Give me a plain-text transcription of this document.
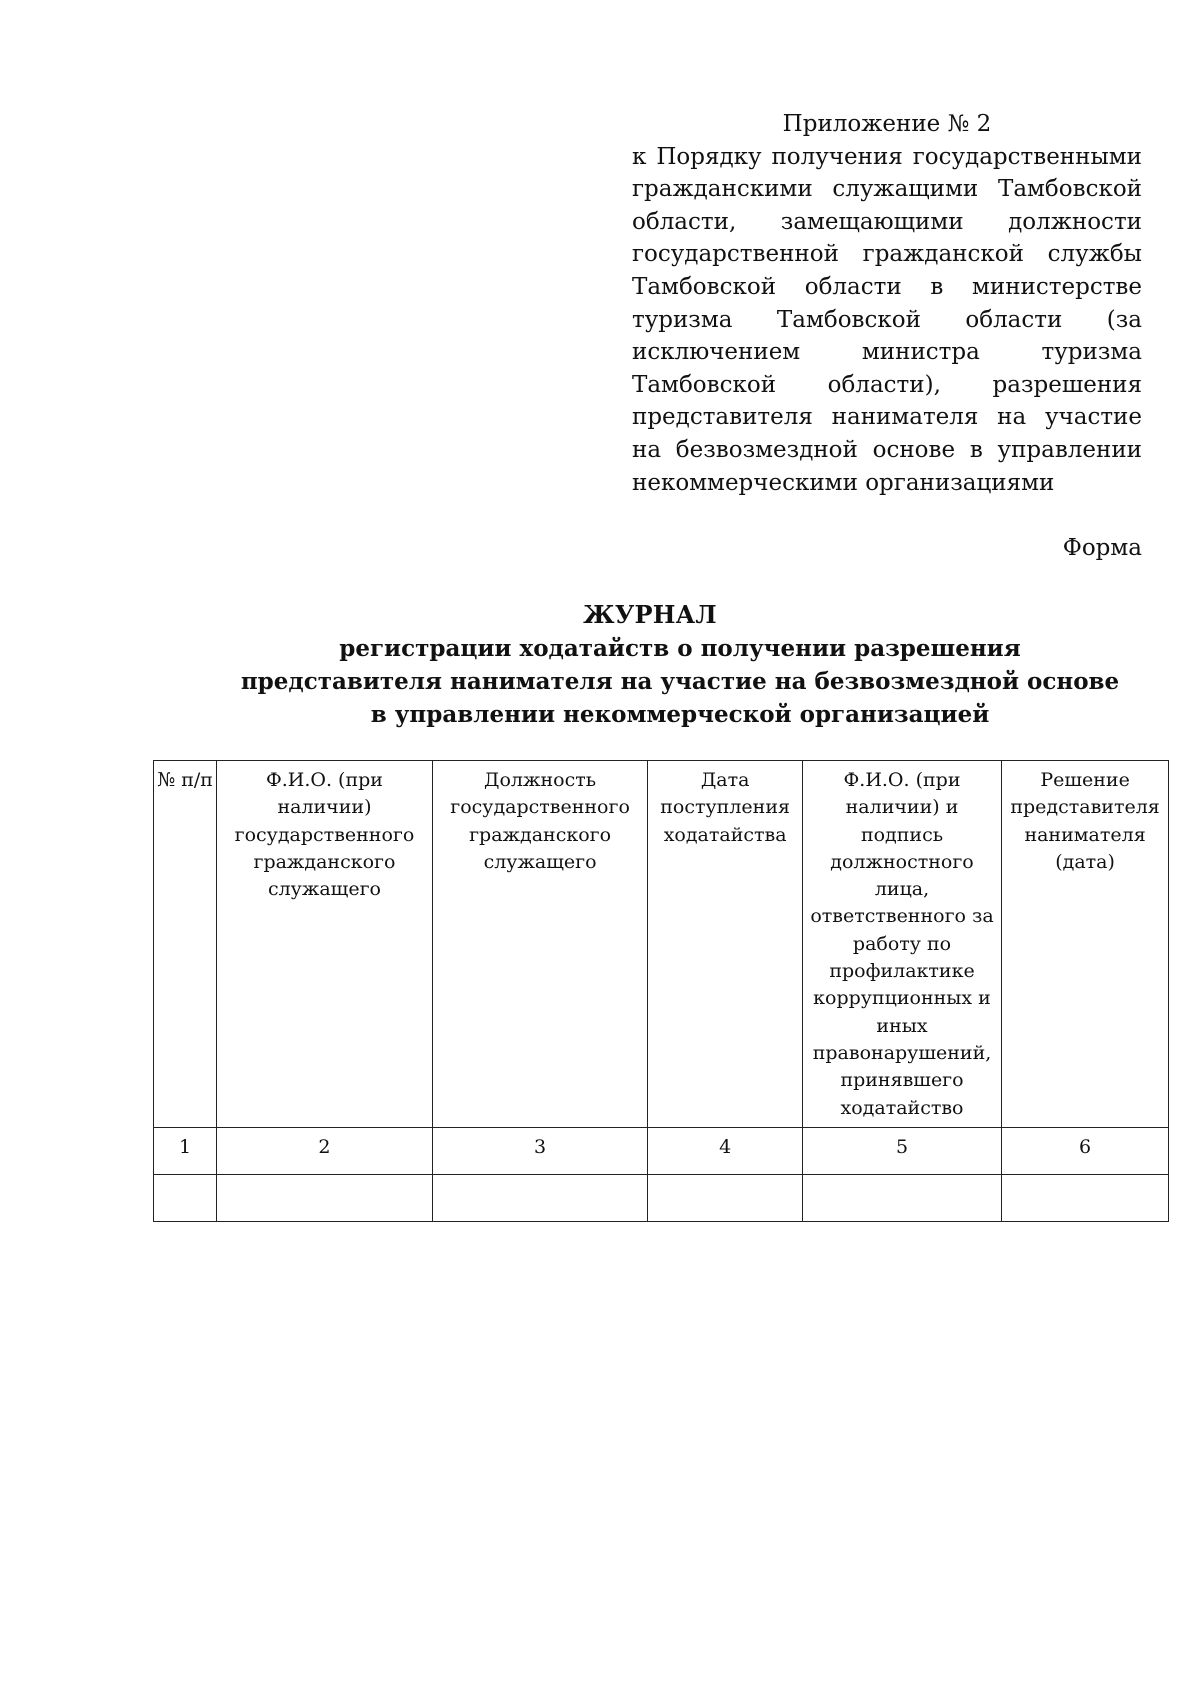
Приложение № 2
к Порядку получения государственными гражданскими служащими Тамбовской области, замещающими должности государственной гражданской службы Тамбовской области в министерстве туризма Тамбовской области (за исключением министра туризма Тамбовской области), разрешения представителя нанимателя на участие на безвозмездной основе в управлении некоммерческими организациями
Форма
ЖУРНАЛ
регистрации ходатайств о получении разрешения представителя нанимателя на участие на безвозмездной основе в управлении некоммерческой организацией
№ п/п	Ф.И.О. (при наличии) государственного гражданского служащего	Должность государственного гражданского служащего	Дата поступления ходатайства	Ф.И.О. (при наличии) и подпись должностного лица, ответственного за работу по профилактике коррупционных и иных правонарушений, принявшего ходатайство	Решение представителя нанимателя (дата)
1	2	3	4	5	6
